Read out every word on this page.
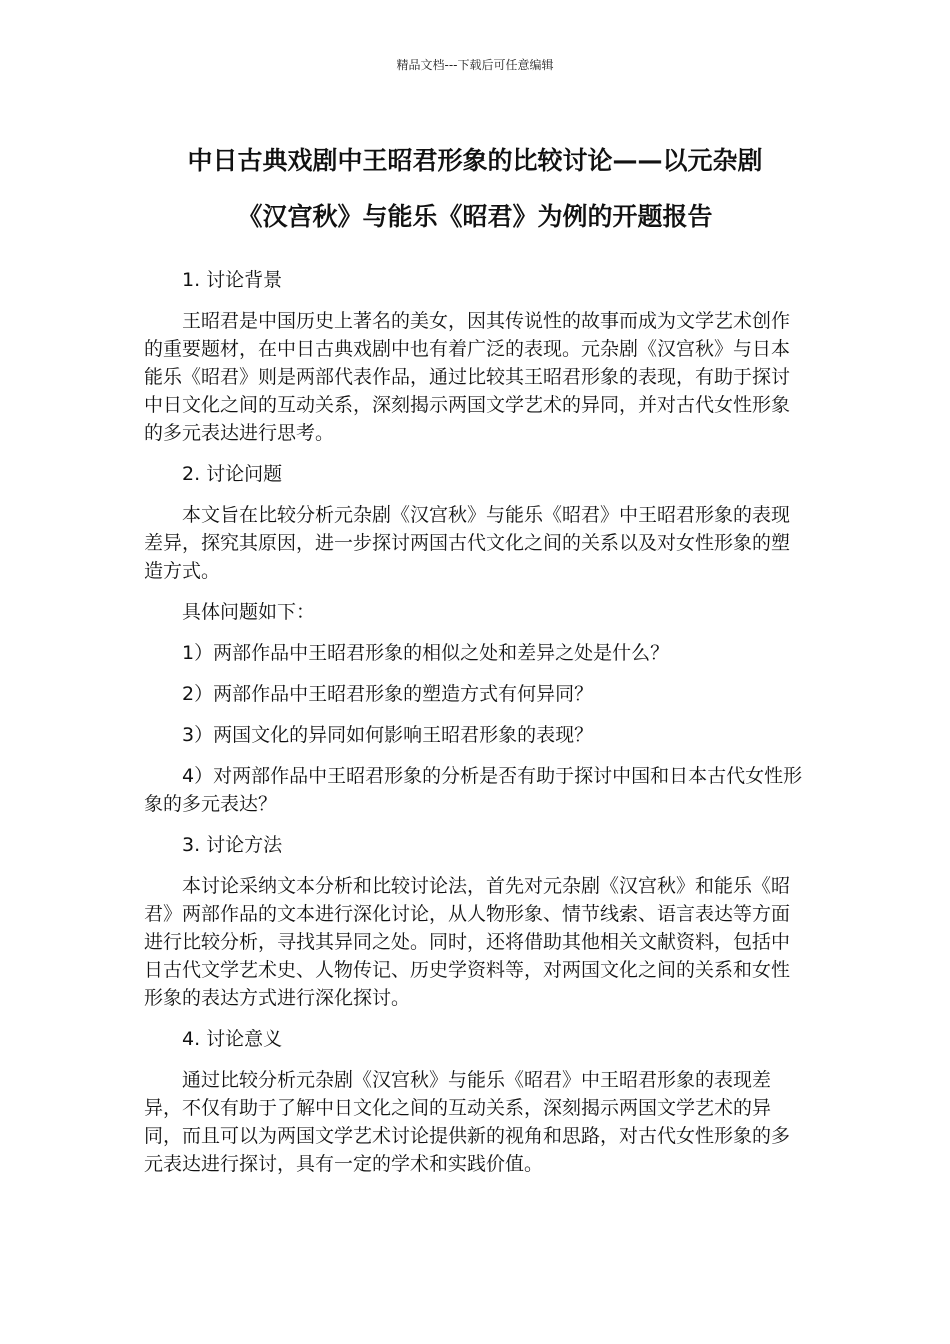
精品文档---下载后可任意编辑
中日古典戏剧中王昭君形象的比较讨论——以元杂剧
《汉宫秋》与能乐《昭君》为例的开题报告

1. 讨论背景

王昭君是中国历史上著名的美女，因其传说性的故事而成为文学艺术创作的重要题材，在中日古典戏剧中也有着广泛的表现。元杂剧《汉宫秋》与日本能乐《昭君》则是两部代表作品，通过比较其王昭君形象的表现，有助于探讨中日文化之间的互动关系，深刻揭示两国文学艺术的异同，并对古代女性形象的多元表达进行思考。

2. 讨论问题

本文旨在比较分析元杂剧《汉宫秋》与能乐《昭君》中王昭君形象的表现差异，探究其原因，进一步探讨两国古代文化之间的关系以及对女性形象的塑造方式。

具体问题如下：

1）两部作品中王昭君形象的相似之处和差异之处是什么？

2）两部作品中王昭君形象的塑造方式有何异同？

3）两国文化的异同如何影响王昭君形象的表现？

4）对两部作品中王昭君形象的分析是否有助于探讨中国和日本古代女性形象的多元表达？

3. 讨论方法

本讨论采纳文本分析和比较讨论法，首先对元杂剧《汉宫秋》和能乐《昭君》两部作品的文本进行深化讨论，从人物形象、情节线索、语言表达等方面进行比较分析，寻找其异同之处。同时，还将借助其他相关文献资料，包括中日古代文学艺术史、人物传记、历史学资料等，对两国文化之间的关系和女性形象的表达方式进行深化探讨。

4. 讨论意义

通过比较分析元杂剧《汉宫秋》与能乐《昭君》中王昭君形象的表现差异，不仅有助于了解中日文化之间的互动关系，深刻揭示两国文学艺术的异同，而且可以为两国文学艺术讨论提供新的视角和思路，对古代女性形象的多元表达进行探讨，具有一定的学术和实践价值。
